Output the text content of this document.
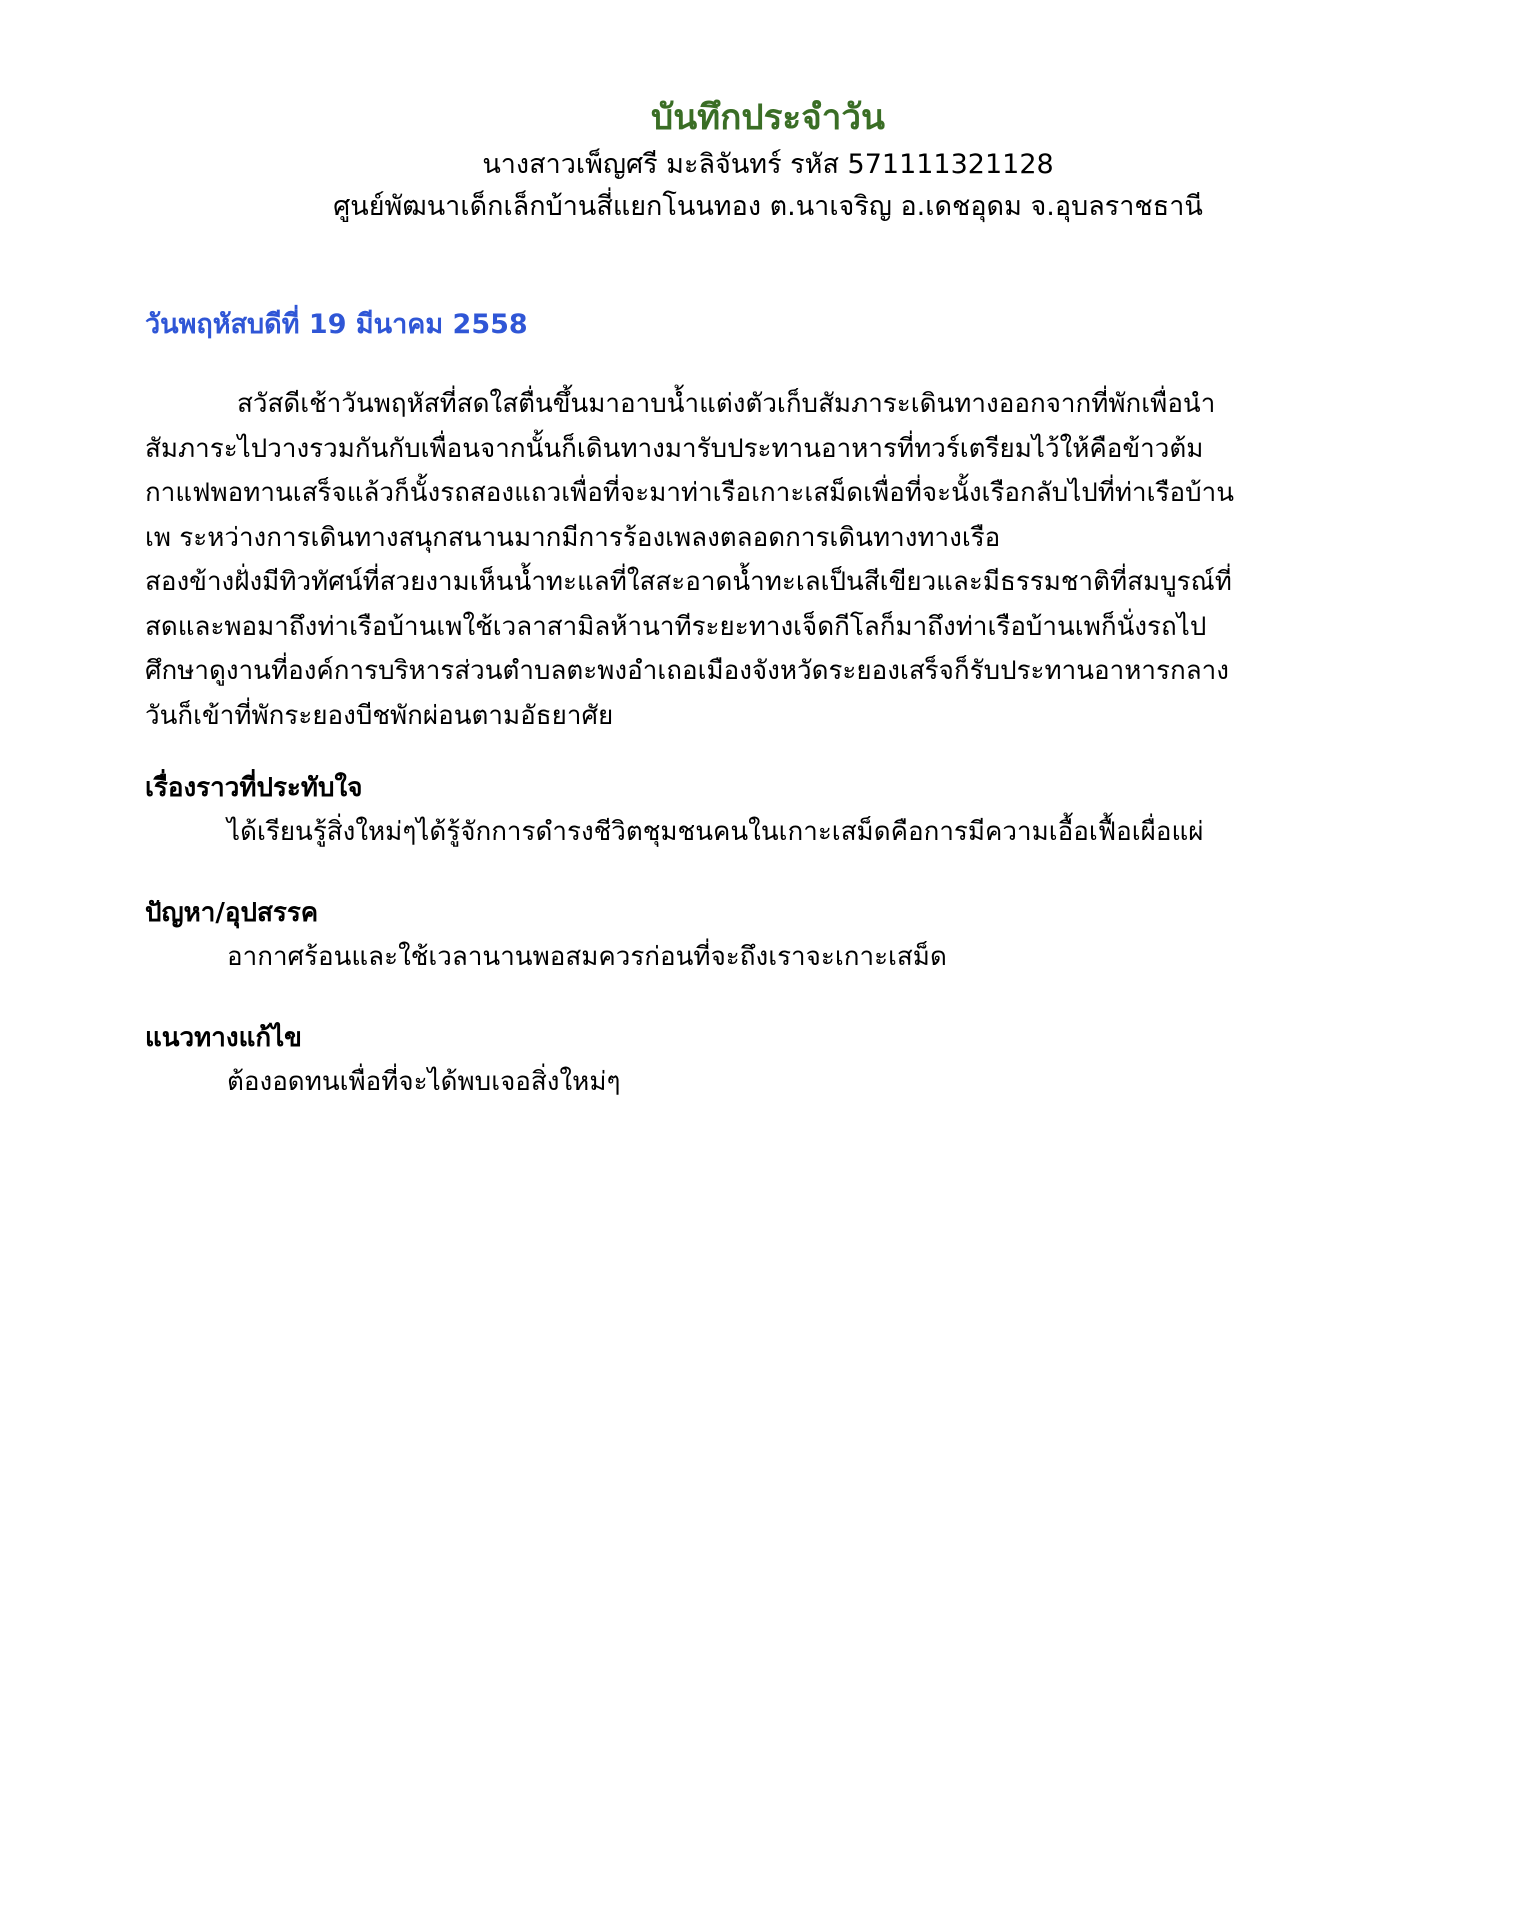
บันทึกประจำวัน

นางสาวเพ็ญศรี มะลิจันทร์ รหัส 571111321128

ศูนย์พัฒนาเด็กเล็กบ้านสี่แยกโนนทอง ต.นาเจริญ อ.เดชอุดม จ.อุบลราชธานี

วันพฤหัสบดีที่ 19 มีนาคม 2558

สวัสดีเช้าวันพฤหัสที่สดใสตื่นขึ้นมาอาบน้ำแต่งตัวเก็บสัมภาระเดินทางออกจากที่พักเพื่อนำ
สัมภาระไปวางรวมกันกับเพื่อนจากนั้นก็เดินทางมารับประทานอาหารที่ทวร์เตรียมไว้ให้คือข้าวต้ม
กาแฟพอทานเสร็จแล้วก็นั้งรถสองแถวเพื่อที่จะมาท่าเรือเกาะเสม็ดเพื่อที่จะนั้งเรือกลับไปที่ท่าเรือบ้าน
เพ ระหว่างการเดินทางสนุกสนานมากมีการร้องเพลงตลอดการเดินทางทางเรือ
สองข้างฝั่งมีทิวทัศน์ที่สวยงามเห็นน้ำทะแลที่ใสสะอาดน้ำทะเลเป็นสีเขียวและมีธรรมชาติที่สมบูรณ์ที่
สดและพอมาถึงท่าเรือบ้านเพใช้เวลาสามิลห้านาทีระยะทางเจ็ดกีโลก็มาถึงท่าเรือบ้านเพก็นั่งรถไป
ศึกษาดูงานที่องค์การบริหารส่วนตำบลตะพงอำเถอเมืองจังหวัดระยองเสร็จก็รับประทานอาหารกลาง
วันก็เข้าที่พักระยองบีชพักผ่อนตามอัธยาศัย

เรื่องราวที่ประทับใจ

ได้เรียนรู้สิ่งใหม่ๆได้รู้จักการดำรงชีวิตชุมชนคนในเกาะเสม็ดคือการมีความเอื้อเฟื้อเผื่อแผ่

ปัญหา/อุปสรรค

อากาศร้อนและใช้เวลานานพอสมควรก่อนที่จะถึงเราจะเกาะเสม็ด

แนวทางแก้ไข

ต้องอดทนเพื่อที่จะได้พบเจอสิ่งใหม่ๆ
